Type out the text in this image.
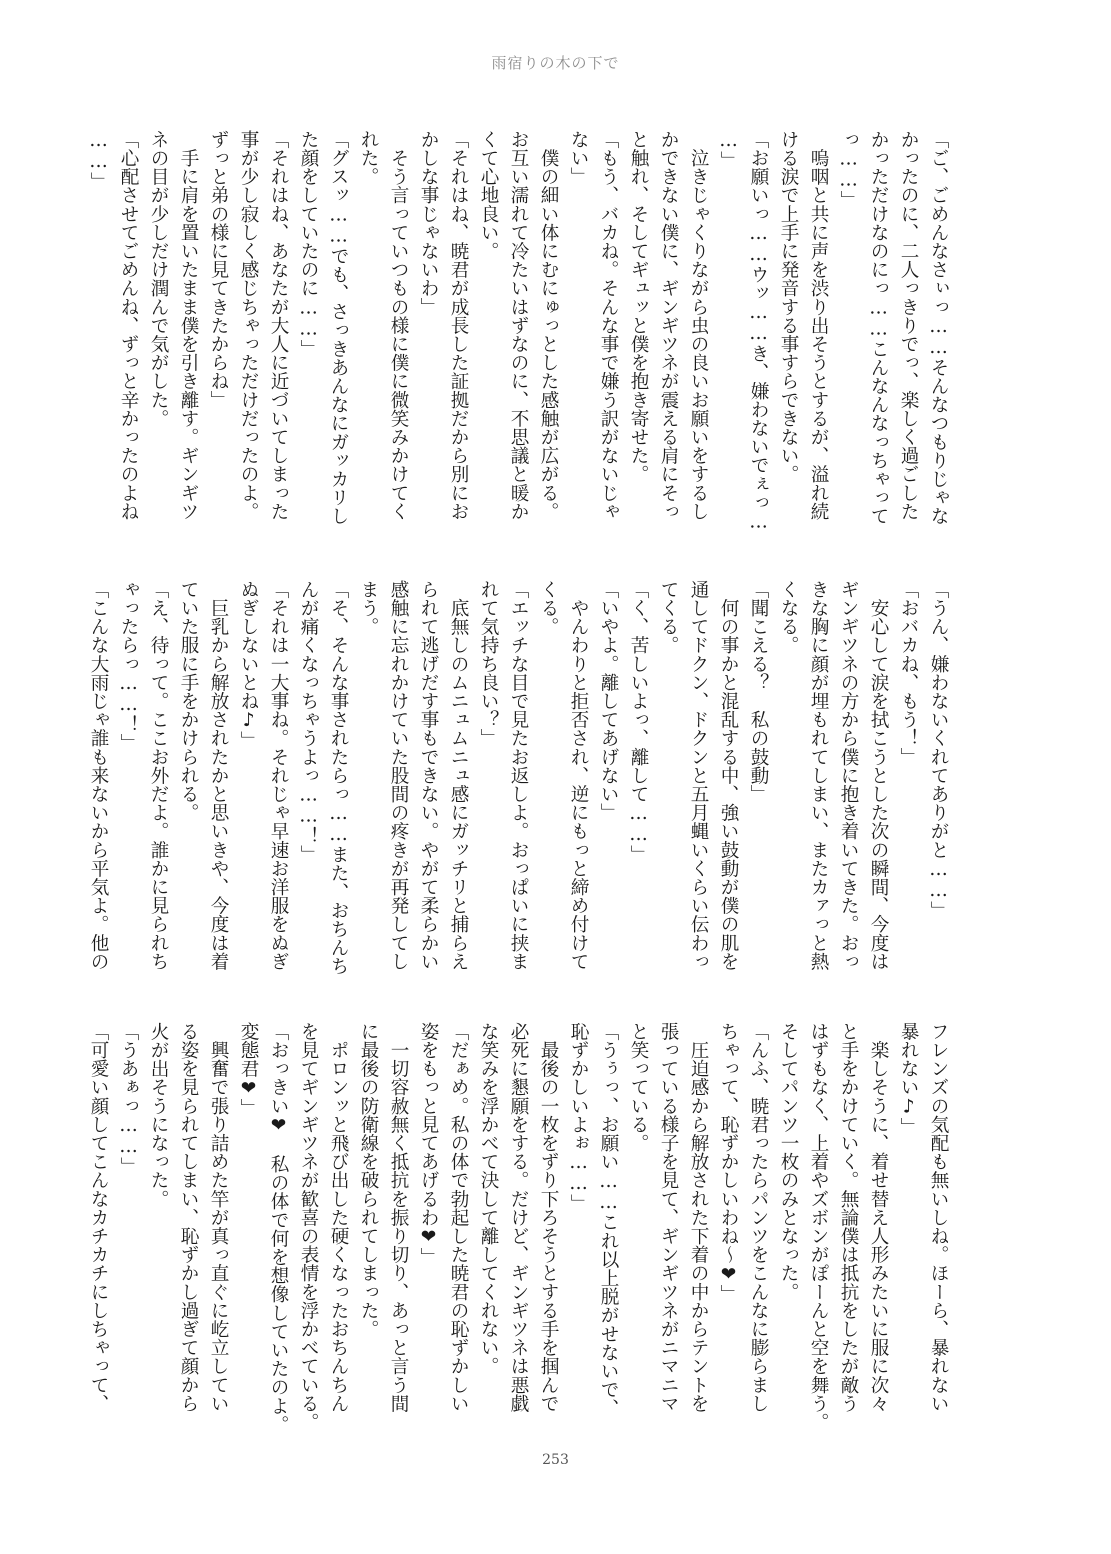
雨宿りの木の下で
「ご、ごめんなさぃっ……そんなつもりじゃな
かったのに、二人っきりでっ、楽しく過ごした
かっただけなのにっ……こんなんなっちゃって
っ……」
　嗚咽と共に声を渋り出そうとするが、溢れ続
ける涙で上手に発音する事すらできない。
「お願いっ……ウッ……き、嫌わないでぇっ…
…」
　泣きじゃくりながら虫の良いお願いをするし
かできない僕に、ギンギツネが震える肩にそっ
と触れ、そしてギュッと僕を抱き寄せた。
「もう、バカね。そんな事で嫌う訳がないじゃ
ない」
　僕の細い体にむにゅっとした感触が広がる。
お互い濡れて冷たいはずなのに、不思議と暖か
くて心地良い。
「それはね、暁君が成長した証拠だから別にお
かしな事じゃないわ」
　そう言っていつもの様に僕に微笑みかけてく
れた。
「グスッ……でも、さっきあんなにガッカリし
た顔をしていたのに……」
「それはね、あなたが大人に近づいてしまった
事が少し寂しく感じちゃっただけだったのよ。
ずっと弟の様に見てきたからね」
　手に肩を置いたまま僕を引き離す。ギンギツ
ネの目が少しだけ潤んで気がした。
「心配させてごめんね、ずっと辛かったのよね
……」
「うん、嫌わないくれてありがと……」
「おバカね、もう！」
　安心して涙を拭こうとした次の瞬間、今度は
ギンギツネの方から僕に抱き着いてきた。おっ
きな胸に顔が埋もれてしまい、またカァっと熱
くなる。
「聞こえる？　私の鼓動」
　何の事かと混乱する中、強い鼓動が僕の肌を
通してドクン、ドクンと五月蝿いくらい伝わっ
てくる。
「く、苦しいよっ、離して……」
「いやよ。離してあげない」
　やんわりと拒否され、逆にもっと締め付けて
くる。
「エッチな目で見たお返しよ。おっぱいに挟ま
れて気持ち良い？」
　底無しのムニュムニュ感にガッチリと捕らえ
られて逃げだす事もできない。やがて柔らかい
感触に忘れかけていた股間の疼きが再発してし
まう。
「そ、そんな事されたらっ……また、おちんち
んが痛くなっちゃうよっ……！」
「それは一大事ね。それじゃ早速お洋服をぬぎ
ぬぎしないとね♪」
　巨乳から解放されたかと思いきや、今度は着
ていた服に手をかけられる。
「え、待って。ここお外だよ。誰かに見られち
ゃったらっ……！」
「こんな大雨じゃ誰も来ないから平気よ。他の
フレンズの気配も無いしね。ほーら、暴れない
暴れない♪」
　楽しそうに、着せ替え人形みたいに服に次々
と手をかけていく。無論僕は抵抗をしたが敵う
はずもなく、上着やズボンがぽーんと空を舞う。
そしてパンツ一枚のみとなった。
「んふ、暁君ったらパンツをこんなに膨らまし
ちゃって、恥ずかしいわね～❤」
　圧迫感から解放された下着の中からテントを
張っている様子を見て、ギンギツネがニマニマ
と笑っている。
「うぅっ、お願い……これ以上脱がせないで、
恥ずかしいよぉ……」
　最後の一枚をずり下ろそうとする手を掴んで
必死に懇願をする。だけど、ギンギツネは悪戯
な笑みを浮かべて決して離してくれない。
「だぁめ。私の体で勃起した暁君の恥ずかしい
姿をもっと見てあげるわ❤」
　一切容赦無く抵抗を振り切り、あっと言う間
に最後の防衛線を破られてしまった。
　ポロンッと飛び出した硬くなったおちんちん
を見てギンギツネが歓喜の表情を浮かべている。
「おっきい❤　私の体で何を想像していたのよ。
変態君❤」
　興奮で張り詰めた竿が真っ直ぐに屹立してい
る姿を見られてしまい、恥ずかし過ぎて顔から
火が出そうになった。
「うあぁっ……」
「可愛い顔してこんなカチカチにしちゃって、
253
